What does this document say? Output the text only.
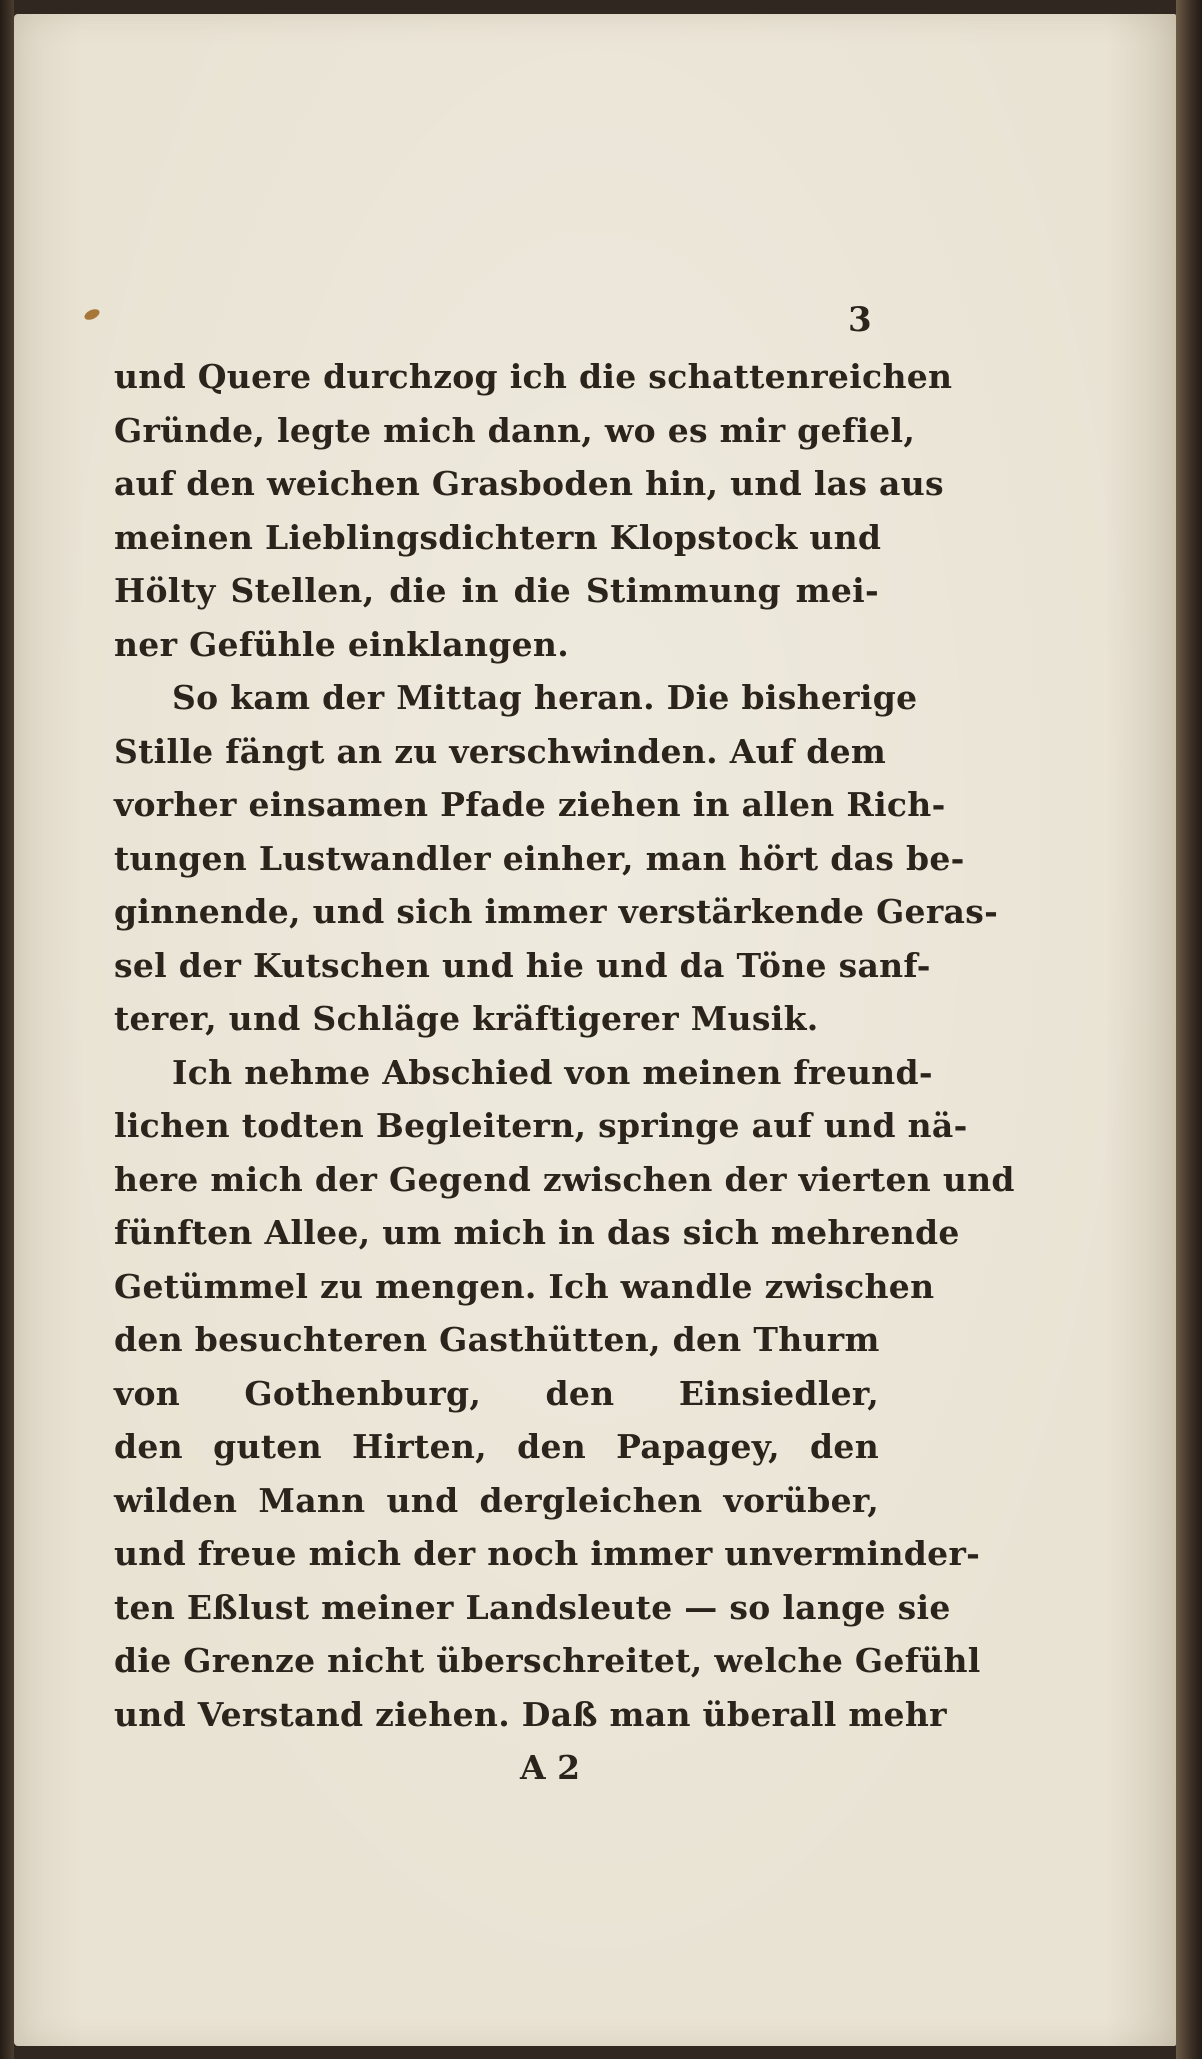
3
und Quere durchzog ich die schattenreichen
Gründe, legte mich dann, wo es mir gefiel,
auf den weichen Grasboden hin, und las aus
meinen Lieblingsdichtern Klopstock und
Hölty Stellen, die in die Stimmung mei-
ner Gefühle einklangen.
So kam der Mittag heran. Die bisherige
Stille fängt an zu verschwinden. Auf dem
vorher einsamen Pfade ziehen in allen Rich-
tungen Lustwandler einher, man hört das be-
ginnende, und sich immer verstärkende Geras-
sel der Kutschen und hie und da Töne sanf-
terer, und Schläge kräftigerer Musik.
Ich nehme Abschied von meinen freund-
lichen todten Begleitern, springe auf und nä-
here mich der Gegend zwischen der vierten und
fünften Allee, um mich in das sich mehrende
Getümmel zu mengen. Ich wandle zwischen
den besuchteren Gasthütten, den Thurm
von Gothenburg, den Einsiedler,
den guten Hirten, den Papagey, den
wilden Mann und dergleichen vorüber,
und freue mich der noch immer unverminder-
ten Eßlust meiner Landsleute — so lange sie
die Grenze nicht überschreitet, welche Gefühl
und Verstand ziehen. Daß man überall mehr
A 2
